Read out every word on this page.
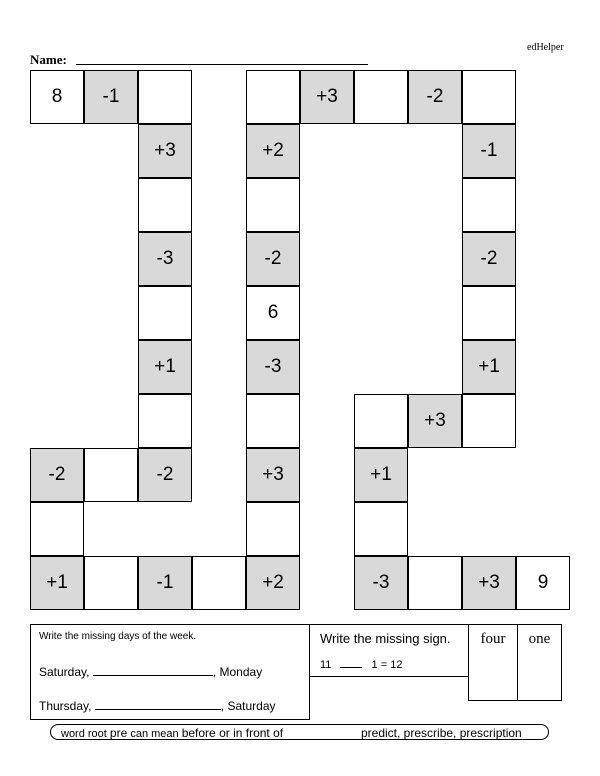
edHelper
Name:
8	-1
+3
-3
+1
-2
-2
+1	-1	+2
+3
-3
6
-2
+2
+3	-2
-1
-2
+1
+3
+1
-3	+3	9
Write the missing days of the week.
Saturday,	, Monday
Thursday,	, Saturday
Write the missing sign.
11	1 = 12
four	one
word root pre can mean before or in front of	predict, prescribe, prescription
